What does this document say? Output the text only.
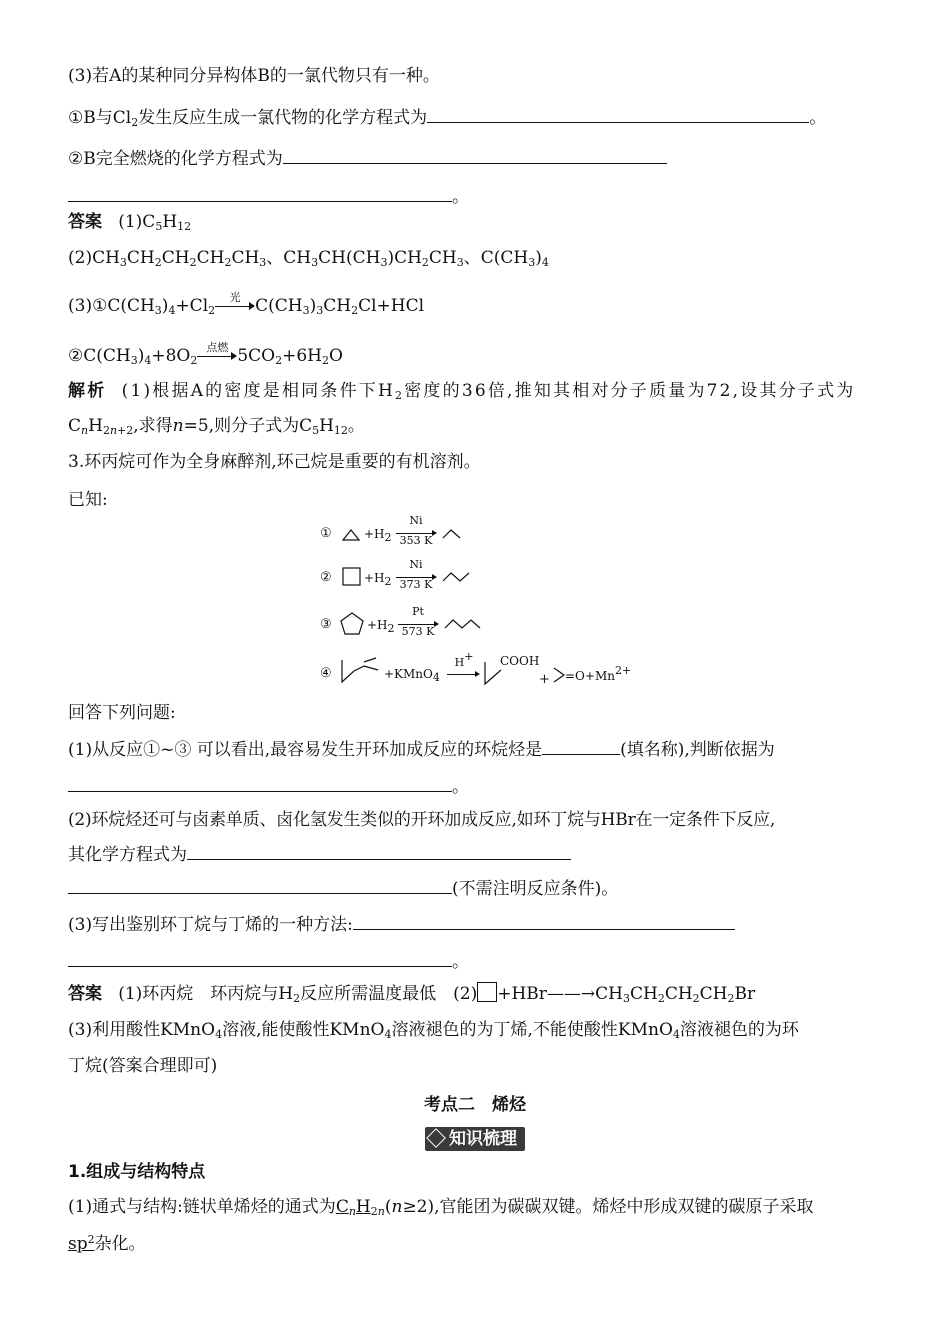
(3)若A的某种同分异构体B的一氯代物只有一种。
①B与$Cl_2$发生反应生成一氯代物的化学方程式为	。
②B完全燃烧的化学方程式为
。
答案 $(1)C_5H_{12}$
$(2)CH_3CH_2CH_2CH_2CH_3$、$CH_3CH(CH_3)CH_2CH_3$、$C(CH_3)_4$
$(3)①C(CH_3)_4+Cl_2$
光 $C(CH_3)_3CH_2Cl+HCl$
$②C(CH_3)_4+8O_2$
点燃 $5CO_2+6H_2O$
解析 (1)根据A的密度是相同条件下$H_2$密度的36倍,推知其相对分子质量为72,设其分子式为
$C_nH_{2n+2}$,求得n=5,则分子式为$C_5H_{12}$。
3.环丙烷可作为全身麻醉剂,环己烷是重要的有机溶剂。
已知:
①	$+H_2$
Ni
353 K
②	$+H_2$
Ni
373 K
③	$+H_2$
Pt
573 K
④	+KMnO$_4$
H+	COOH
+ $=O+Mn^{2+}$
回答下列问题:
(1)从反应①~③ 可以看出,最容易发生开环加成反应的环烷烃是	(填名称),判断依据为
。
(2)环烷烃还可与卤素单质、卤化氢发生类似的开环加成反应,如环丁烷与HBr在一定条件下反应,
其化学方程式为
(不需注明反应条件)。
(3)写出鉴别环丁烷与丁烯的一种方法:
。
答案 (1)环丙烷　环丙烷与$H_2$反应所需温度最低　$(2) +HBr——\to CH_3CH_2CH_2CH_2Br$
(3)利用酸性KMnO$_4$溶液,能使酸性KMnO$_4$溶液褪色的为丁烯,不能使酸性KMnO$_4$溶液褪色的为环
丁烷(答案合理即可)
考点二　烯烃
知识梳理
1.组成与结构特点
(1)通式与结构:链状单烯烃的通式为$C_nH_{2n}(n\ge 2)$,官能团为碳碳双键。烯烃中形成双键的碳原子采取
$sp^2$杂化。
